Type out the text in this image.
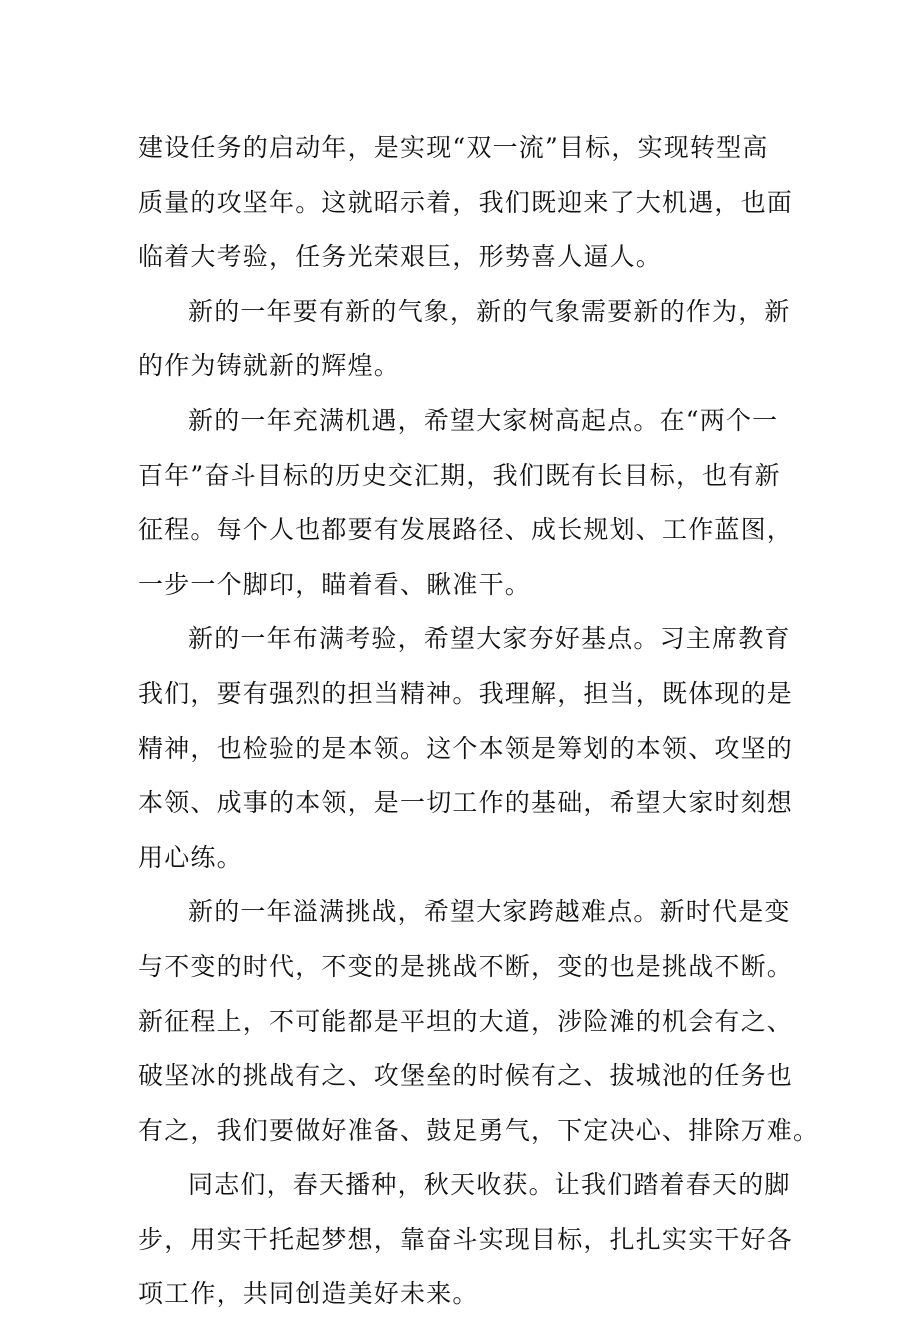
建设任务的启动年，是实现“双一流”目标，实现转型高
质量的攻坚年。这就昭示着，我们既迎来了大机遇，也面
临着大考验，任务光荣艰巨，形势喜人逼人。
新的一年要有新的气象，新的气象需要新的作为，新
的作为铸就新的辉煌。
新的一年充满机遇，希望大家树高起点。在“两个一
百年”奋斗目标的历史交汇期，我们既有长目标，也有新
征程。每个人也都要有发展路径、成长规划、工作蓝图，
一步一个脚印，瞄着看、瞅准干。
新的一年布满考验，希望大家夯好基点。习主席教育
我们，要有强烈的担当精神。我理解，担当，既体现的是
精神，也检验的是本领。这个本领是筹划的本领、攻坚的
本领、成事的本领，是一切工作的基础，希望大家时刻想
用心练。
新的一年溢满挑战，希望大家跨越难点。新时代是变
与不变的时代，不变的是挑战不断，变的也是挑战不断。
新征程上，不可能都是平坦的大道，涉险滩的机会有之、
破坚冰的挑战有之、攻堡垒的时候有之、拔城池的任务也
有之，我们要做好准备、鼓足勇气，下定决心、排除万难。
同志们，春天播种，秋天收获。让我们踏着春天的脚
步，用实干托起梦想，靠奋斗实现目标，扎扎实实干好各
项工作，共同创造美好未来。
